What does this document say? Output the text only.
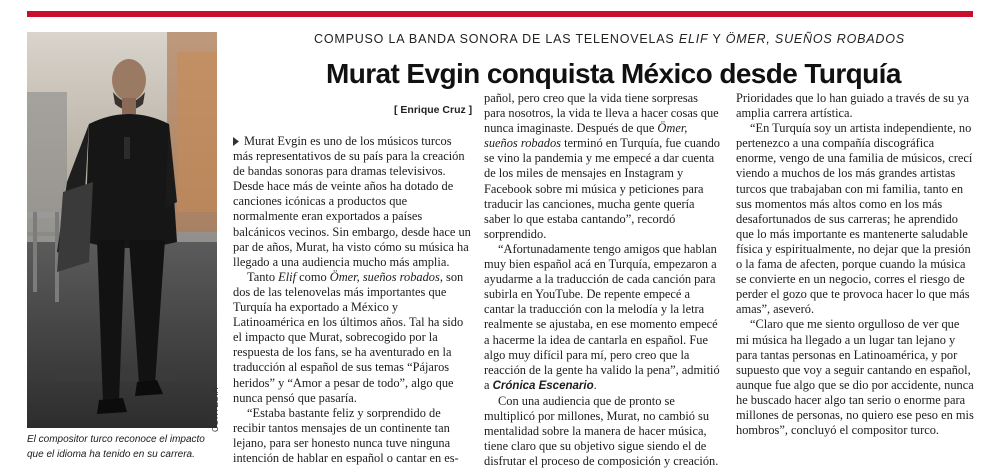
CORTESÍA
El compositor turco reconoce el impacto que el idioma ha tenido en su carrera.
COMPUSO LA BANDA SONORA DE LAS TELENOVELAS ELIF Y ÖMER, SUEÑOS ROBADOS
Murat Evgin conquista México desde Turquía
[ Enrique Cruz ]

Murat Evgin es uno de los músicos turcos más representativos de su país para la creación de bandas sonoras para dramas televisivos. Desde hace más de veinte años ha dotado de canciones icónicas a productos que normalmente eran exportados a países balcánicos vecinos. Sin embargo, desde hace un par de años, Murat, ha visto cómo su música ha llegado a una audiencia mucho más amplia.

Tanto Elif como Ömer, sueños robados, son dos de las telenovelas más importantes que Turquía ha exportado a México y Latinoamérica en los últimos años. Tal ha sido el impacto que Murat, sobrecogido por la respuesta de los fans, se ha aventurado en la traducción al español de sus temas “Pájaros heridos” y “Amor a pesar de todo”, algo que nunca pensó que pasaría.

“Estaba bastante feliz y sorprendido de recibir tantos mensajes de un continente tan lejano, para ser honesto nunca tuve ninguna intención de hablar en español o cantar en es-

pañol, pero creo que la vida tiene sorpresas para nosotros, la vida te lleva a hacer cosas que nunca imaginaste. Después de que Ömer, sueños robados terminó en Turquía, fue cuando se vino la pandemia y me empecé a dar cuenta de los miles de mensajes en Instagram y Facebook sobre mi música y peticiones para traducir las canciones, mucha gente quería saber lo que estaba cantando”, recordó sorprendido.

“Afortunadamente tengo amigos que hablan muy bien español acá en Turquía, empezaron a ayudarme a la traducción de cada canción para subirla en YouTube. De repente empecé a cantar la traducción con la melodía y la letra realmente se ajustaba, en ese momento empecé a hacerme la idea de cantarla en español. Fue algo muy difícil para mí, pero creo que la reacción de la gente ha valido la pena”, admitió a Crónica Escenario.

Con una audiencia que de pronto se multiplicó por millones, Murat, no cambió su mentalidad sobre la manera de hacer música, tiene claro que su objetivo sigue siendo el de disfrutar el proceso de composición y creación.

Prioridades que lo han guiado a través de su ya amplia carrera artística.

“En Turquía soy un artista independiente, no pertenezco a una compañía discográfica enorme, vengo de una familia de músicos, crecí viendo a muchos de los más grandes artistas turcos que trabajaban con mi familia, tanto en sus momentos más altos como en los más desafortunados de sus carreras; he aprendido que lo más importante es mantenerte saludable física y espiritualmente, no dejar que la presión o la fama de afecten, porque cuando la música se convierte en un negocio, corres el riesgo de perder el gozo que te provoca hacer lo que más amas”, aseveró.

“Claro que me siento orgulloso de ver que mi música ha llegado a un lugar tan lejano y para tantas personas en Latinoamérica, y por supuesto que voy a seguir cantando en español, aunque fue algo que se dio por accidente, nunca he buscado hacer algo tan serio o enorme para millones de personas, no quiero ese peso en mis hombros”, concluyó el compositor turco.
